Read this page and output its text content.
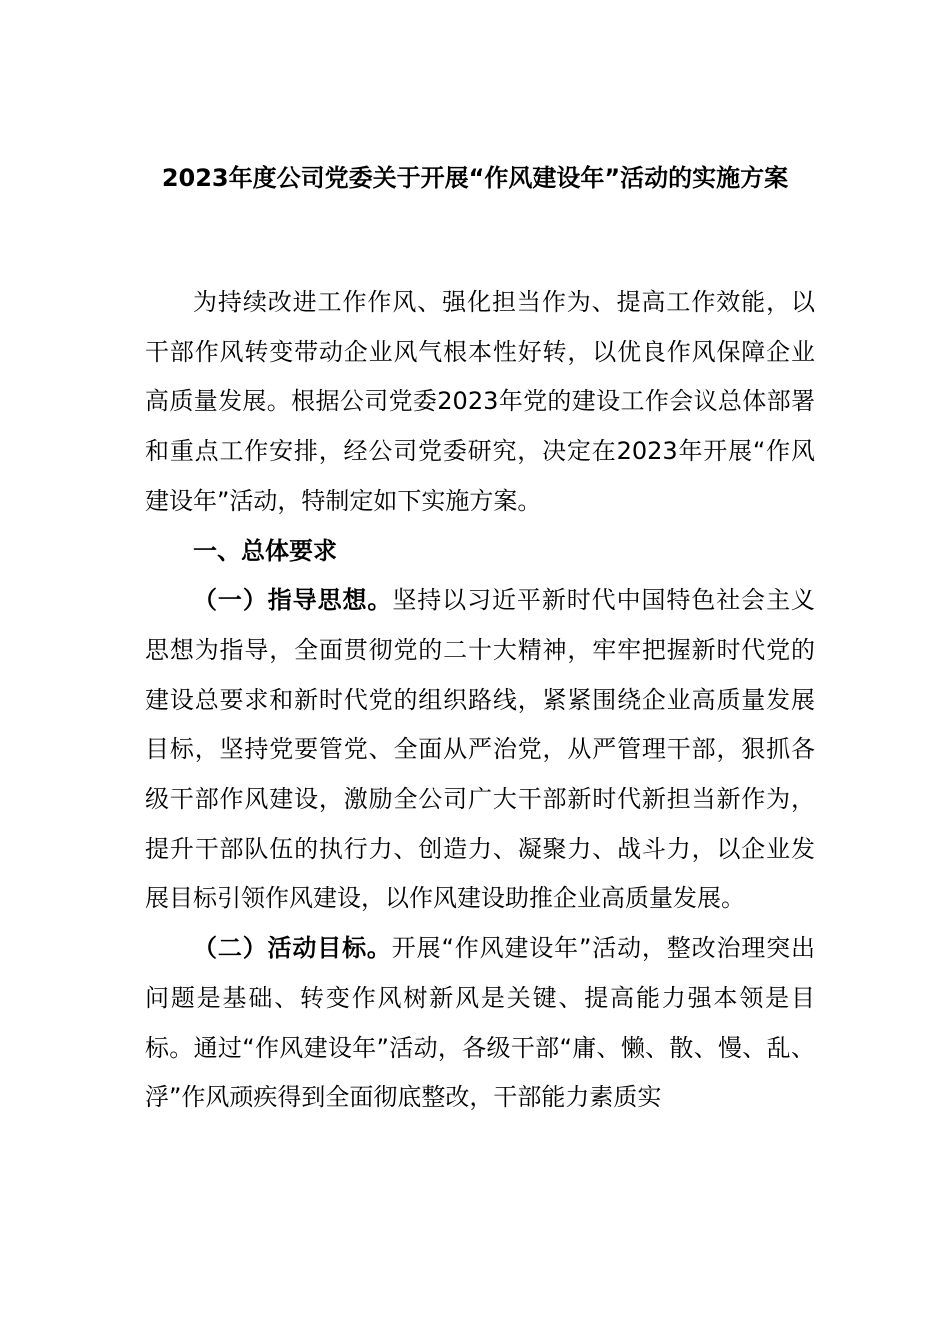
2023年度公司党委关于开展“作风建设年”活动的实施方案

为持续改进工作作风、强化担当作为、提高工作效能，以干部作风转变带动企业风气根本性好转，以优良作风保障企业高质量发展。根据公司党委2023年党的建设工作会议总体部署和重点工作安排，经公司党委研究，决定在2023年开展“作风建设年”活动，特制定如下实施方案。

一、总体要求

（一）指导思想。坚持以习近平新时代中国特色社会主义思想为指导，全面贯彻党的二十大精神，牢牢把握新时代党的建设总要求和新时代党的组织路线，紧紧围绕企业高质量发展目标，坚持党要管党、全面从严治党，从严管理干部，狠抓各级干部作风建设，激励全公司广大干部新时代新担当新作为，提升干部队伍的执行力、创造力、凝聚力、战斗力，以企业发展目标引领作风建设，以作风建设助推企业高质量发展。

（二）活动目标。开展“作风建设年”活动，整改治理突出问题是基础、转变作风树新风是关键、提高能力强本领是目标。通过“作风建设年”活动，各级干部“庸、懒、散、慢、乱、浮”作风顽疾得到全面彻底整改，干部能力素质实
